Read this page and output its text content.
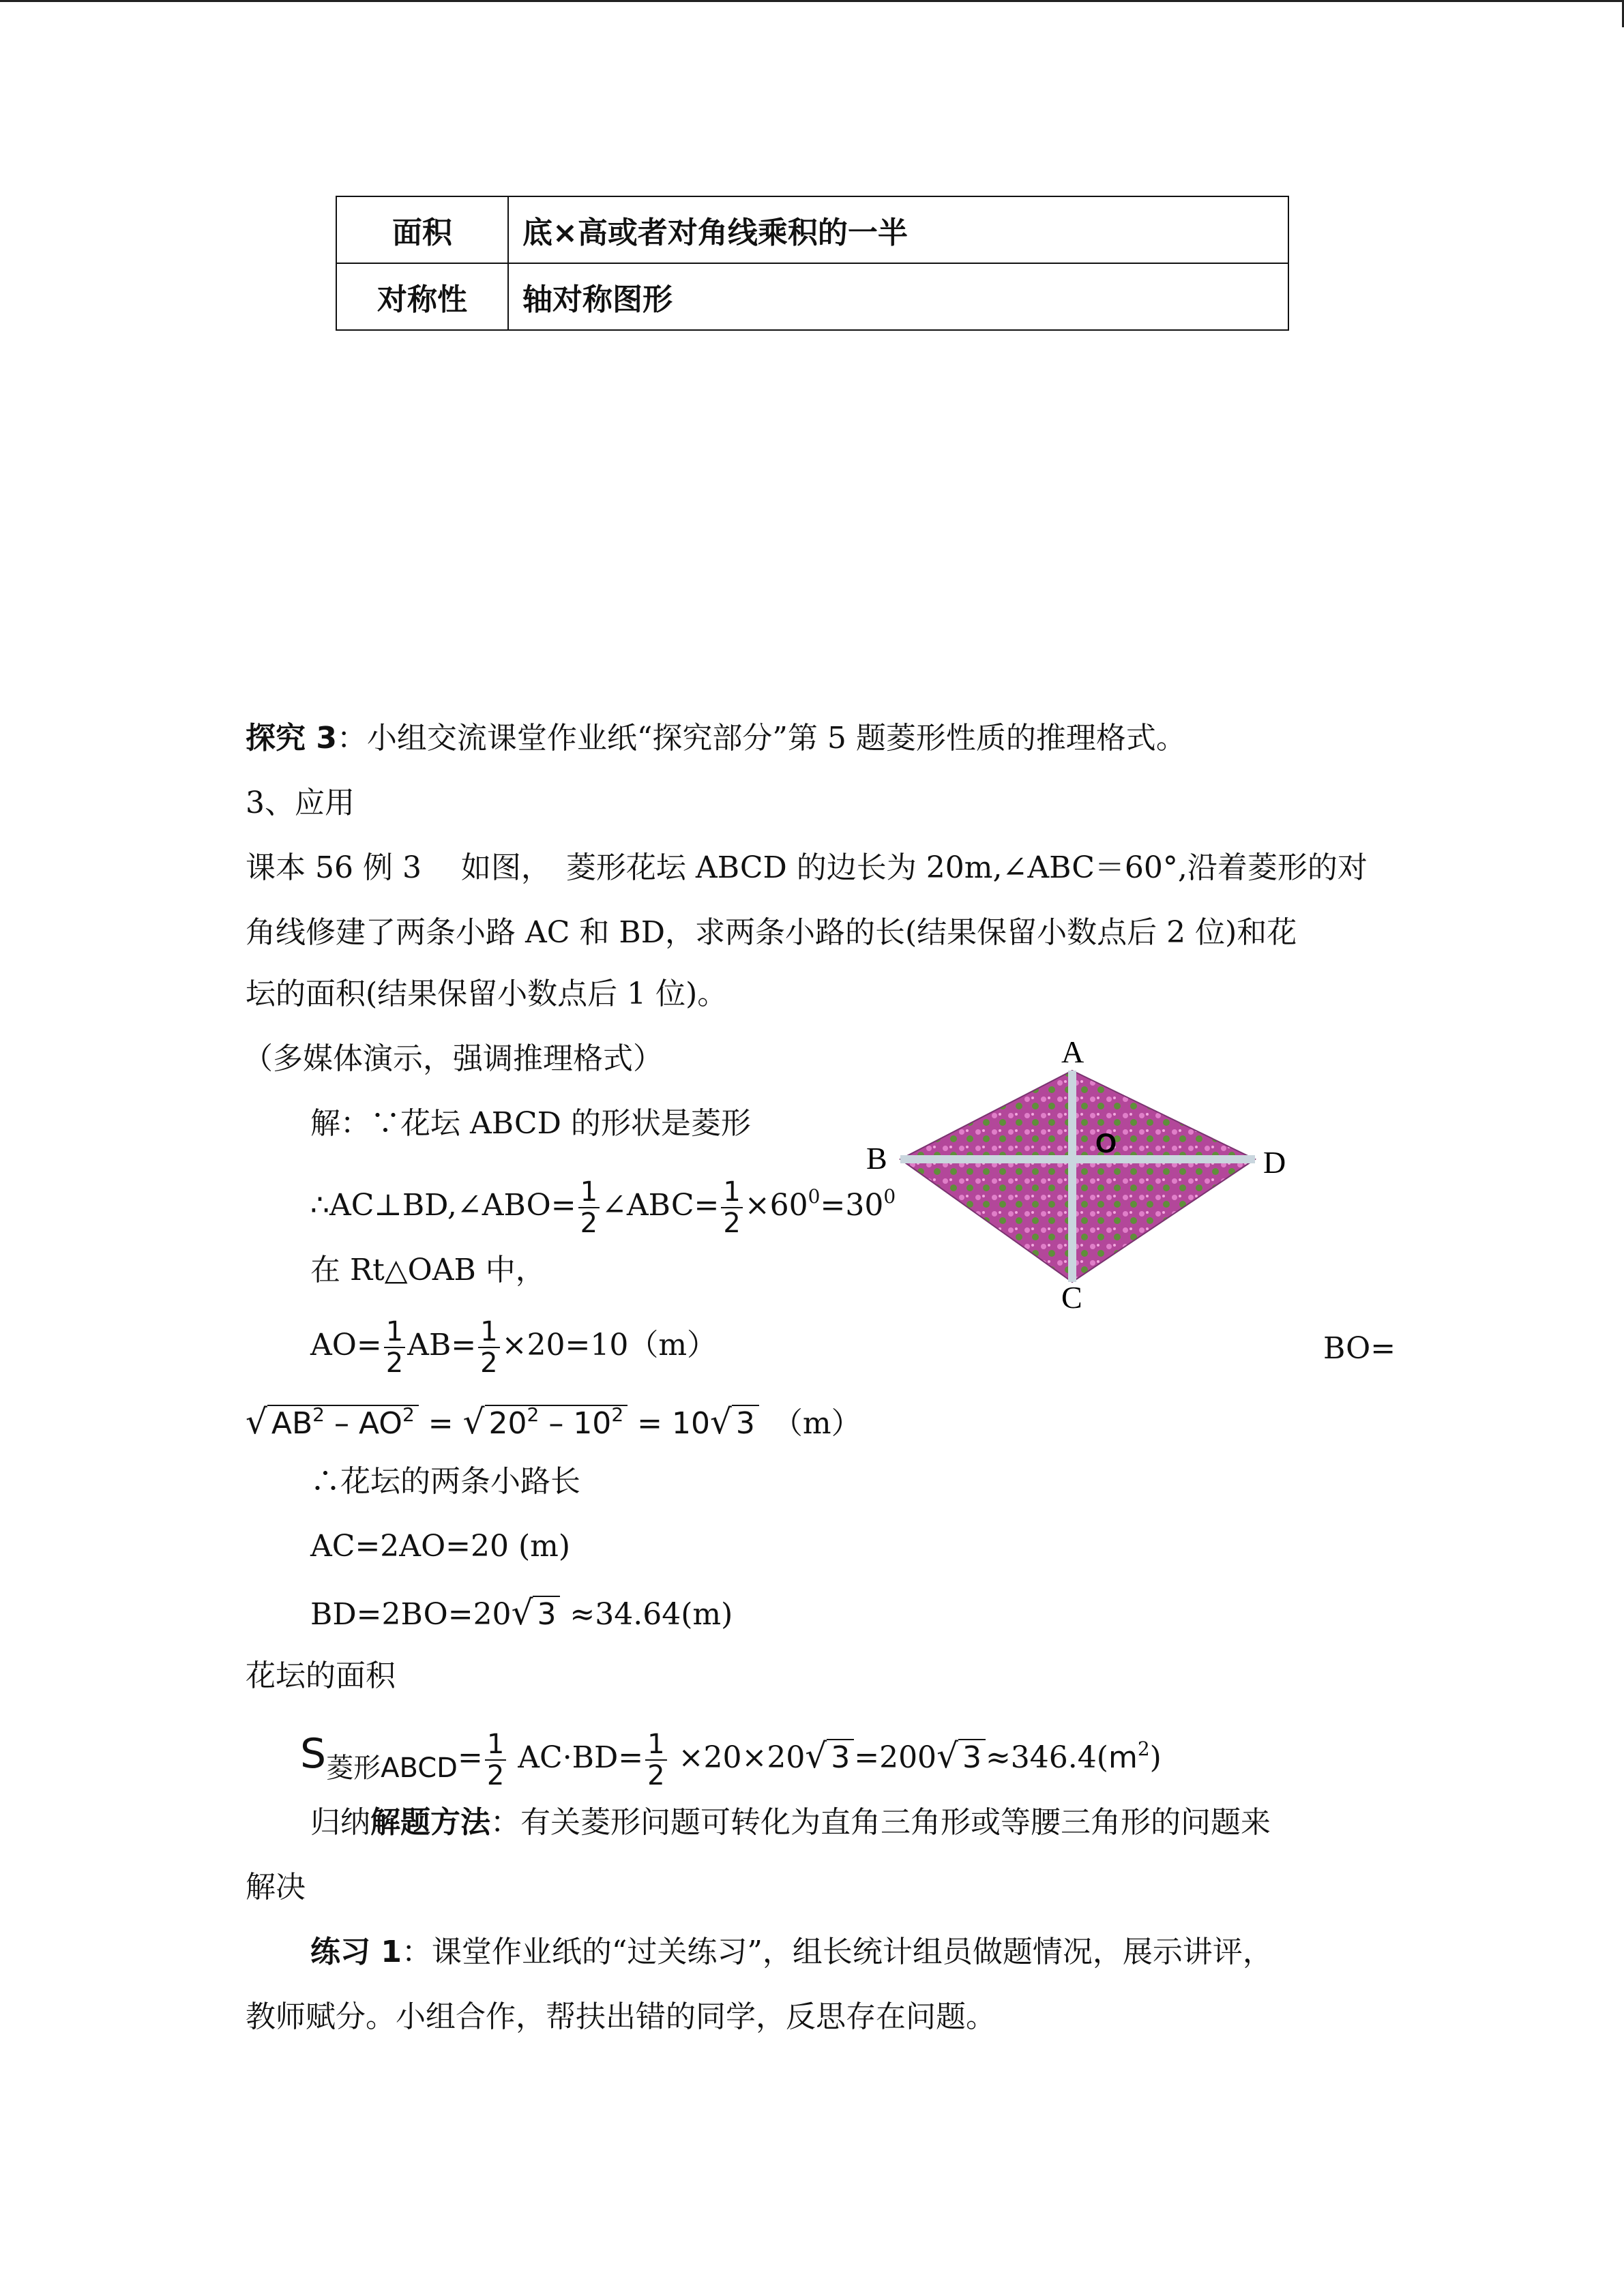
面积	底×高或者对角线乘积的一半
对称性	轴对称图形
探究 3：小组交流课堂作业纸“探究部分”第 5 题菱形性质的推理格式。
3、应用
课本 56 例 3　 如图，　菱形花坛 ABCD 的边长为 20m,∠ABC＝60°,沿着菱形的对
角线修建了两条小路 AC 和 BD，求两条小路的长(结果保留小数点后 2 位)和花
坛的面积(结果保留小数点后 1 位)。
（多媒体演示，强调推理格式）
解：∵花坛 ABCD 的形状是菱形
∴AC⊥BD,∠ABO= $\frac{1}{2}$ ∠ABC= $\frac{1}{2} \times 60^0=30^0$
在 Rt△OAB 中，
$AO= \frac{1}{2} AB= \frac{1}{2} \times 20=10(m)$	BO=
√ $AB^2 - AO^2$ = √ $20^2 - 10^2 = 10√$ 3 （m）
∴花坛的两条小路长
AC=2AO=20 (m)
BD=2BO=20√ 3 ≈34.64(m)
花坛的面积
S菱形ABCD= $\frac{1}{2} AC\cdot BD= \frac{1}{2} \times 20\times 20√$ 3 =200√ $3 \approx 346.4(m^2)$
归纳解题方法：有关菱形问题可转化为直角三角形或等腰三角形的问题来
解决
练习 1：课堂作业纸的“过关练习”，组长统计组员做题情况，展示讲评，
教师赋分。小组合作，帮扶出错的同学，反思存在问题。
A
B	D
C
O
